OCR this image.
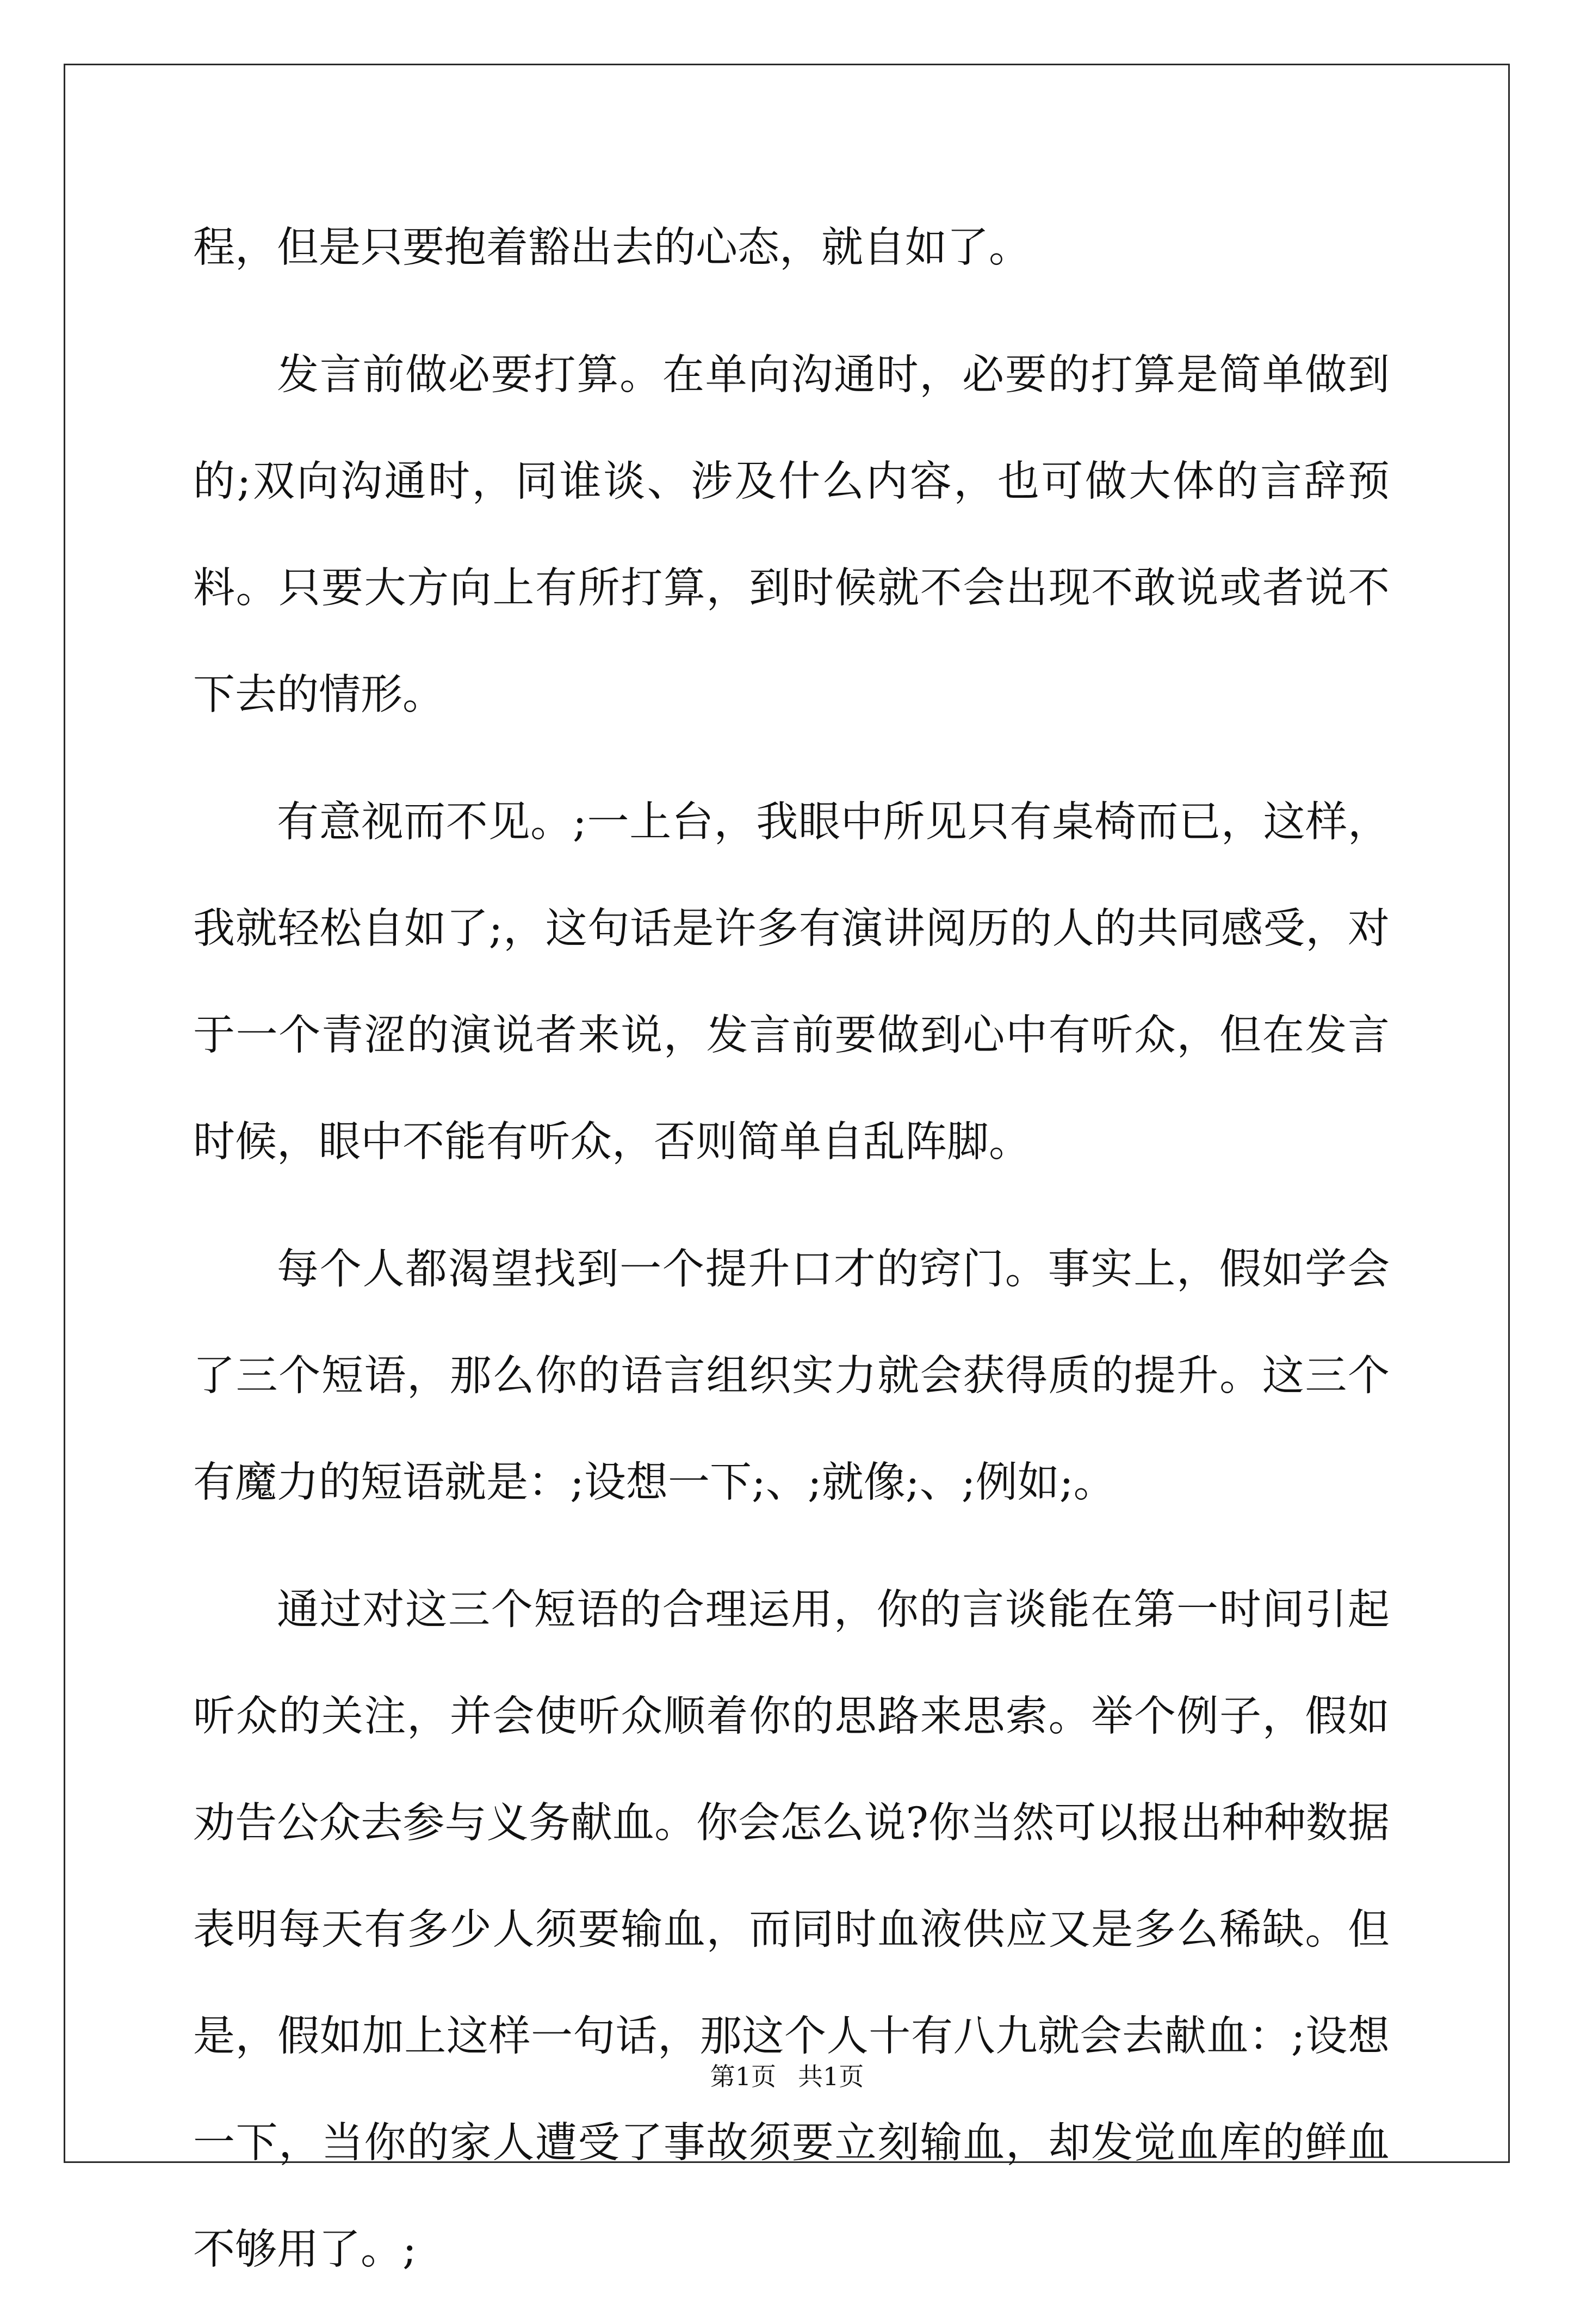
程，但是只要抱着豁出去的心态，就自如了。

发言前做必要打算。在单向沟通时，必要的打算是简单做到的;双向沟通时，同谁谈、涉及什么内容，也可做大体的言辞预料。只要大方向上有所打算，到时候就不会出现不敢说或者说不下去的情形。

有意视而不见。;一上台，我眼中所见只有桌椅而已，这样，我就轻松自如了;，这句话是许多有演讲阅历的人的共同感受，对于一个青涩的演说者来说，发言前要做到心中有听众，但在发言时候，眼中不能有听众，否则简单自乱阵脚。

每个人都渴望找到一个提升口才的窍门。事实上，假如学会了三个短语，那么你的语言组织实力就会获得质的提升。这三个有魔力的短语就是：;设想一下;、;就像;、;例如;。

通过对这三个短语的合理运用，你的言谈能在第一时间引起听众的关注，并会使听众顺着你的思路来思索。举个例子，假如劝告公众去参与义务献血。你会怎么说?你当然可以报出种种数据表明每天有多少人须要输血，而同时血液供应又是多么稀缺。但是，假如加上这样一句话，那这个人十有八九就会去献血：;设想一下，当你的家人遭受了事故须要立刻输血，却发觉血库的鲜血不够用了。;

第1页 共1页
